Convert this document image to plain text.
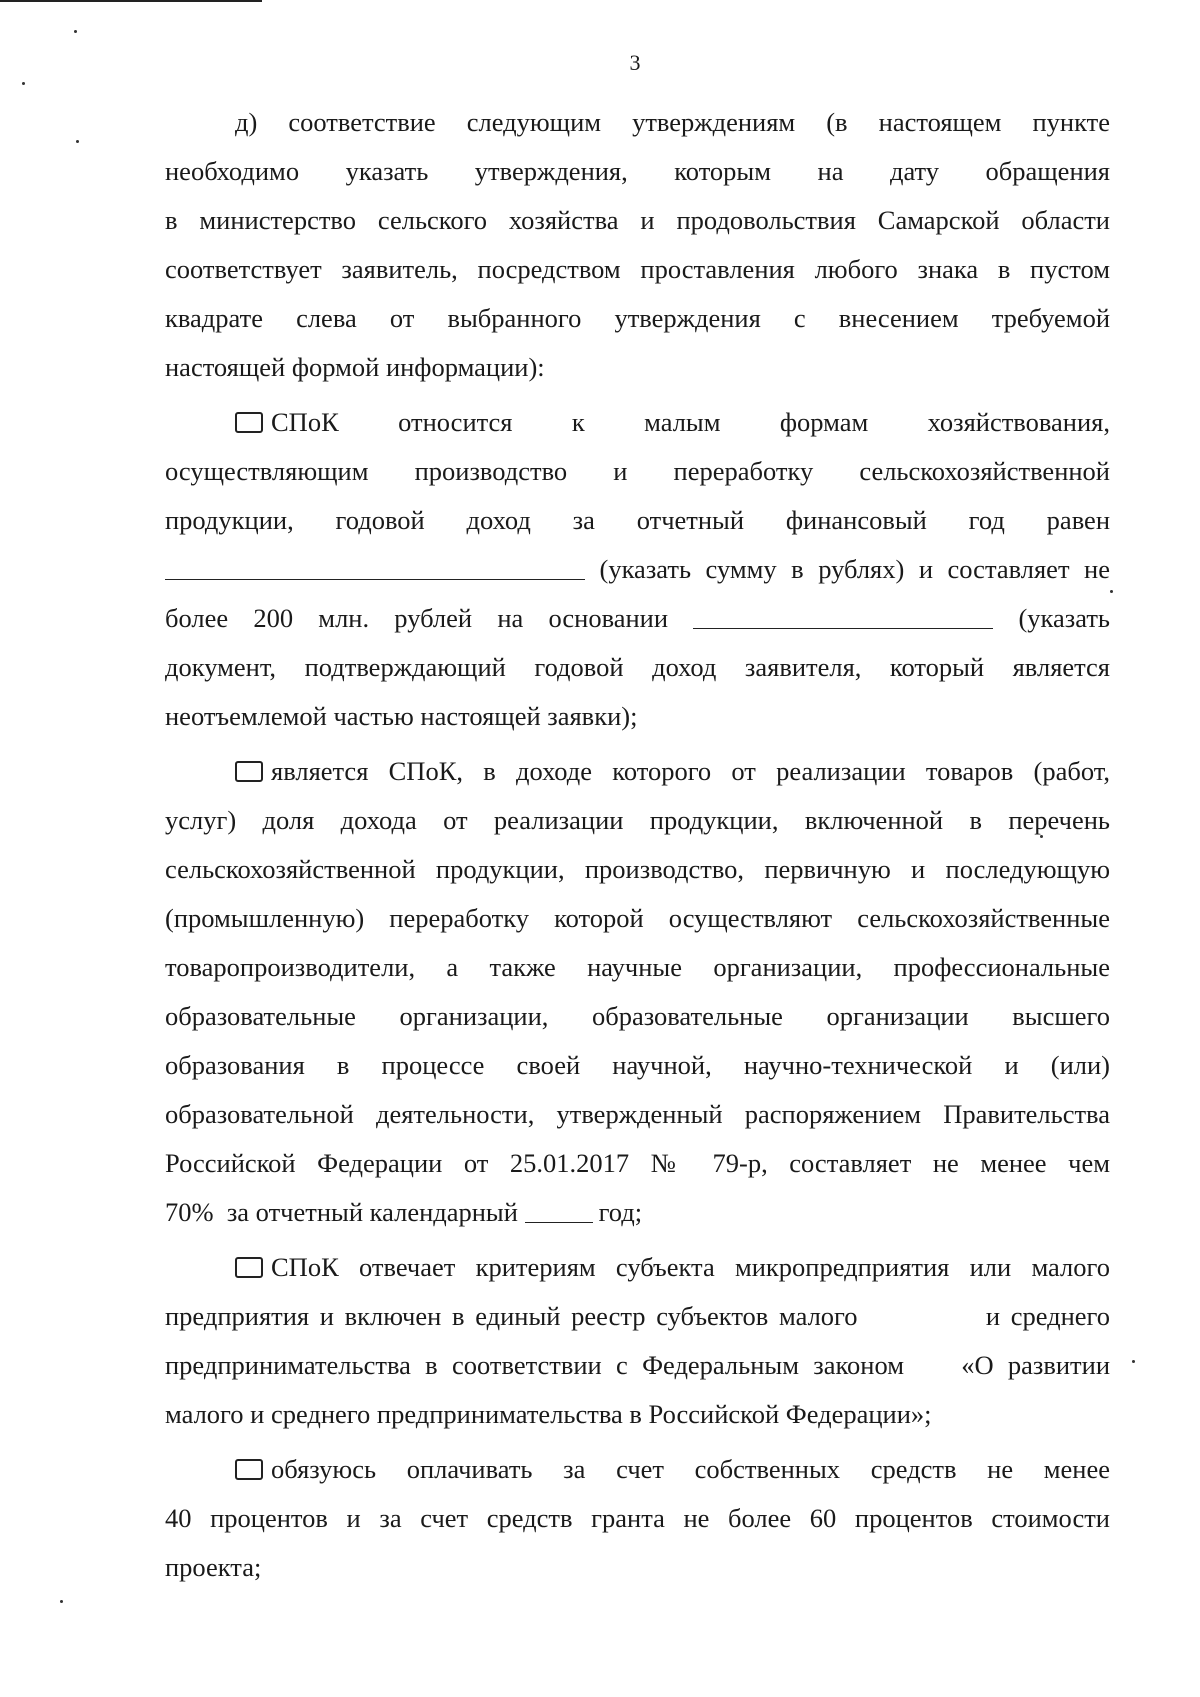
3

д) соответствие следующим утверждениям (в настоящем пункте

необходимо указать утверждения, которым на дату обращения

в министерство сельского хозяйства и продовольствия Самарской области

соответствует заявитель, посредством проставления любого знака в пустом

квадрате слева от выбранного утверждения с внесением требуемой

настоящей формой информации):

СПоК относится к малым формам хозяйствования,

осуществляющим производство и переработку сельскохозяйственной

продукции, годовой доход за отчетный финансовый год равен

(указать сумму в рублях) и составляет не

более 200 млн. рублей на основании	(указать

документ, подтверждающий годовой доход заявителя, который является

неотъемлемой частью настоящей заявки);

является СПоК, в доходе которого от реализации товаров (работ,

услуг) доля дохода от реализации продукции, включенной в перечень

сельскохозяйственной продукции, производство, первичную и последующую

(промышленную) переработку которой осуществляют сельскохозяйственные

товаропроизводители, а также научные организации, профессиональные

образовательные организации, образовательные организации высшего

образования в процессе своей научной, научно-технической и (или)

образовательной деятельности, утвержденный распоряжением Правительства

Российской Федерации от 25.01.2017 № 79-р, составляет не менее чем

70%  за отчетный календарный	год;

СПоК отвечает критериям субъекта микропредприятия или малого

предприятия и включен в единый реестр субъектов малого            и среднего

предпринимательства в соответствии с Федеральным законом    «О развитии

малого и среднего предпринимательства в Российской Федерации»;

обязуюсь оплачивать за счет собственных средств не менее

40 процентов и за счет средств гранта не более 60 процентов стоимости

проекта;
